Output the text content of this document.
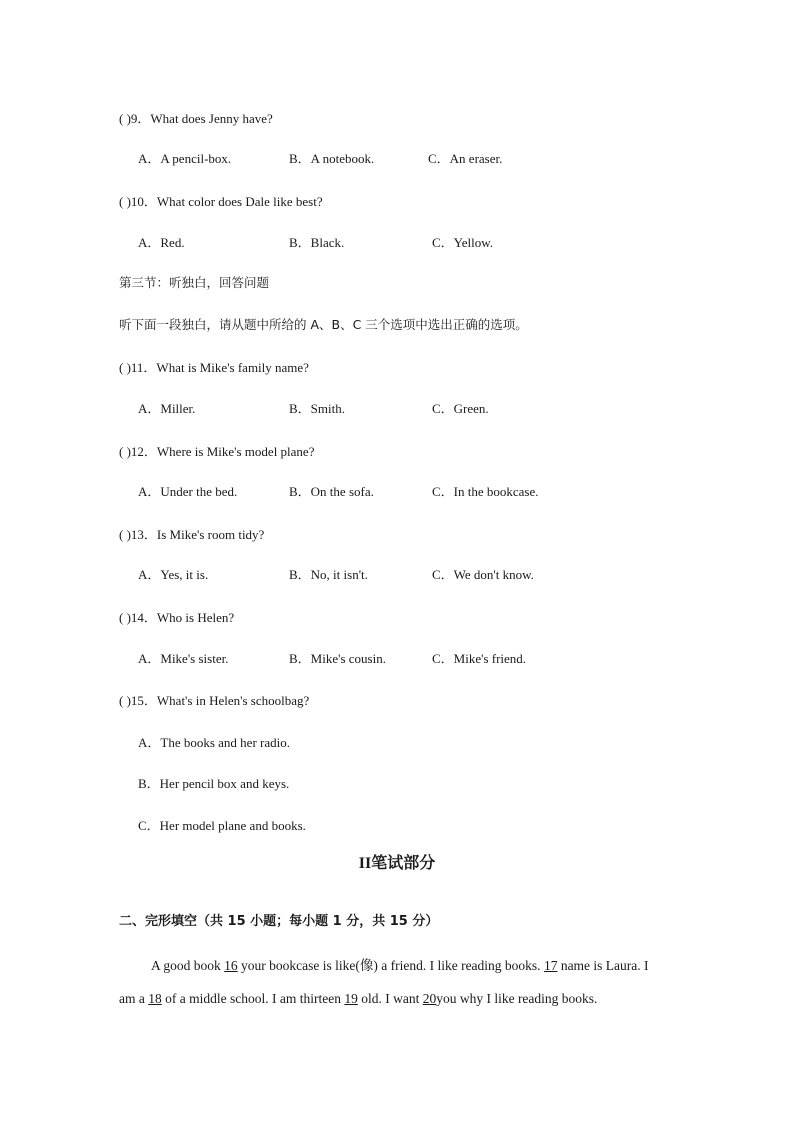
( )9．What does Jenny have?
A．A pencil-box.	B．A notebook.	C．An eraser.
( )10．What color does Dale like best?
A．Red.	B．Black.	C．Yellow.
第三节：听独白，回答问题
听下面一段独白，请从题中所给的 A、B、C 三个选项中选出正确的选项。
( )11．What is Mike's family name?
A．Miller.	B．Smith.	C．Green.
( )12．Where is Mike's model plane?
A．Under the bed.	B．On the sofa.	C．In the bookcase.
( )13．Is Mike's room tidy?
A．Yes, it is.	B．No, it isn't.	C．We don't know.
( )14．Who is Helen?
A．Mike's sister.	B．Mike's cousin.	C．Mike's friend.
( )15．What's in Helen's schoolbag?
A．The books and her radio.
B．Her pencil box and keys.
C．Her model plane and books.
II笔试部分
二、完形填空（共 15 小题；每小题 1 分，共 15 分）
A good book 16 your bookcase is like(像) a friend. I like reading books. 17 name is Laura. I
am a 18 of a middle school. I am thirteen 19 old. I want 20you why I like reading books.
